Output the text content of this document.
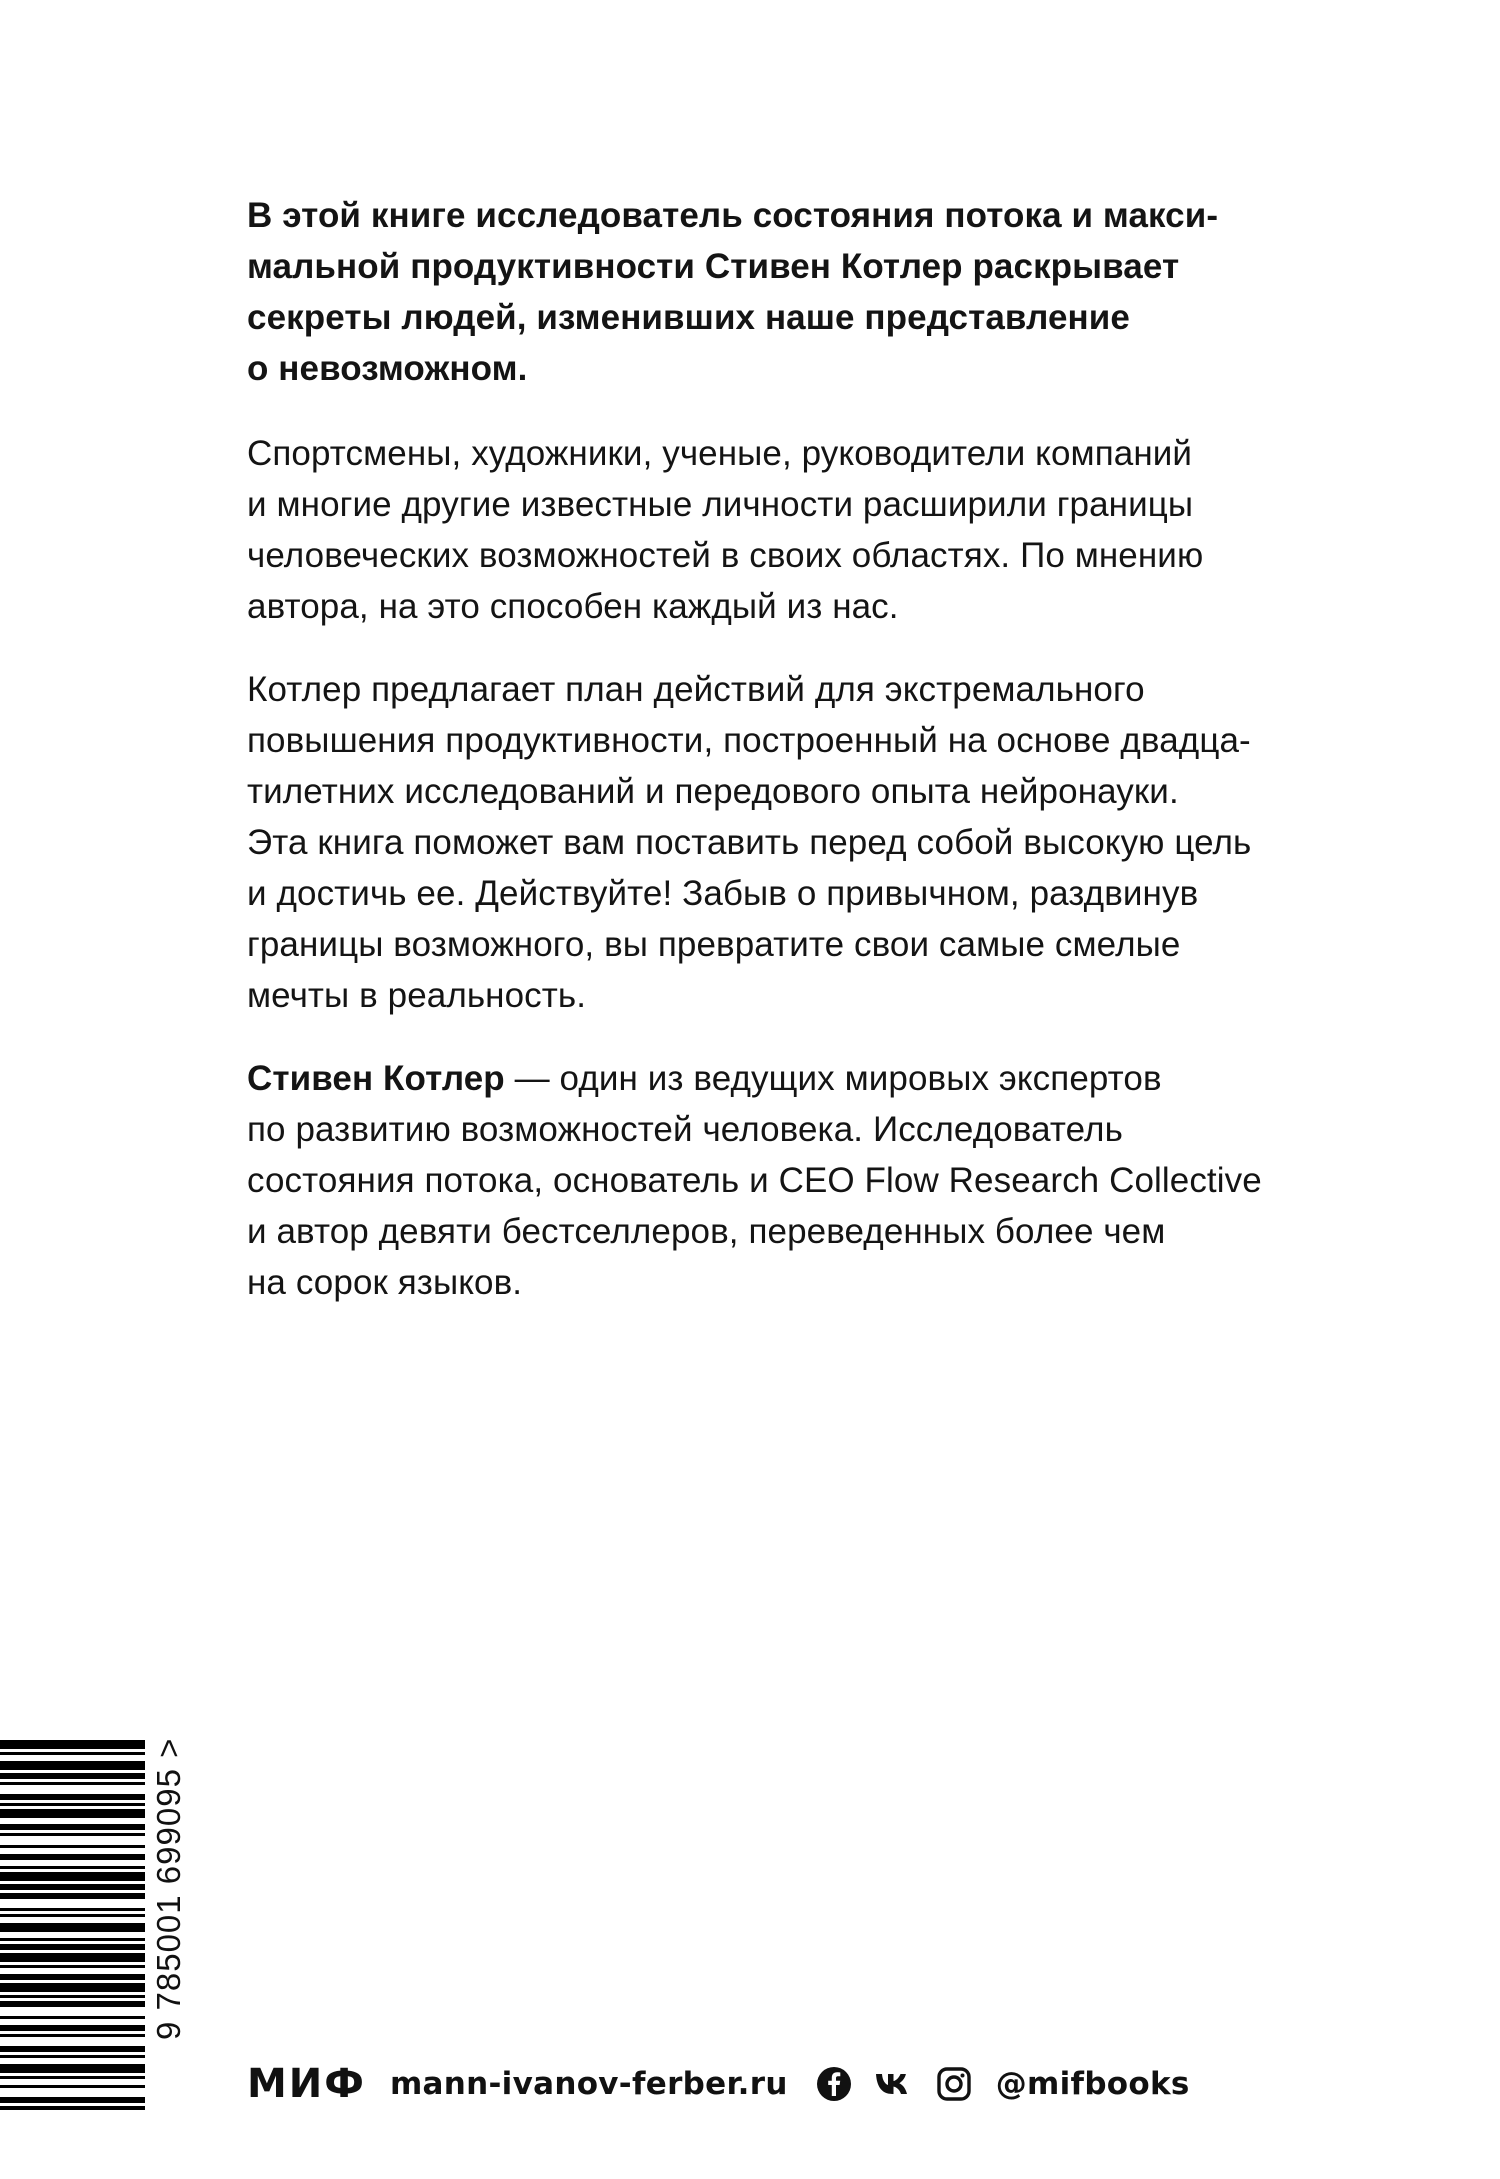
В этой книге исследователь состояния потока и макси-
мальной продуктивности Стивен Котлер раскрывает
секреты людей, изменивших наше представление
о невозможном.

Спортсмены, художники, ученые, руководители компаний
и многие другие известные личности расширили границы
человеческих возможностей в своих областях. По мнению
автора, на это способен каждый из нас.

Котлер предлагает план действий для экстремального
повышения продуктивности, построенный на основе двадца-
тилетних исследований и передового опыта нейронауки.
Эта книга поможет вам поставить перед собой высокую цель
и достичь ее. Действуйте! Забыв о привычном, раздвинув
границы возможного, вы превратите свои самые смелые
мечты в реальность.

Стивен Котлер — один из ведущих мировых экспертов
по развитию возможностей человека. Исследователь
состояния потока, основатель и CEO Flow Research Collective
и автор девяти бестселлеров, переведенных более чем
на сорок языков.

9 785001 699095 >
МИФ mann-ivanov-ferber.ru	@mifbooks
